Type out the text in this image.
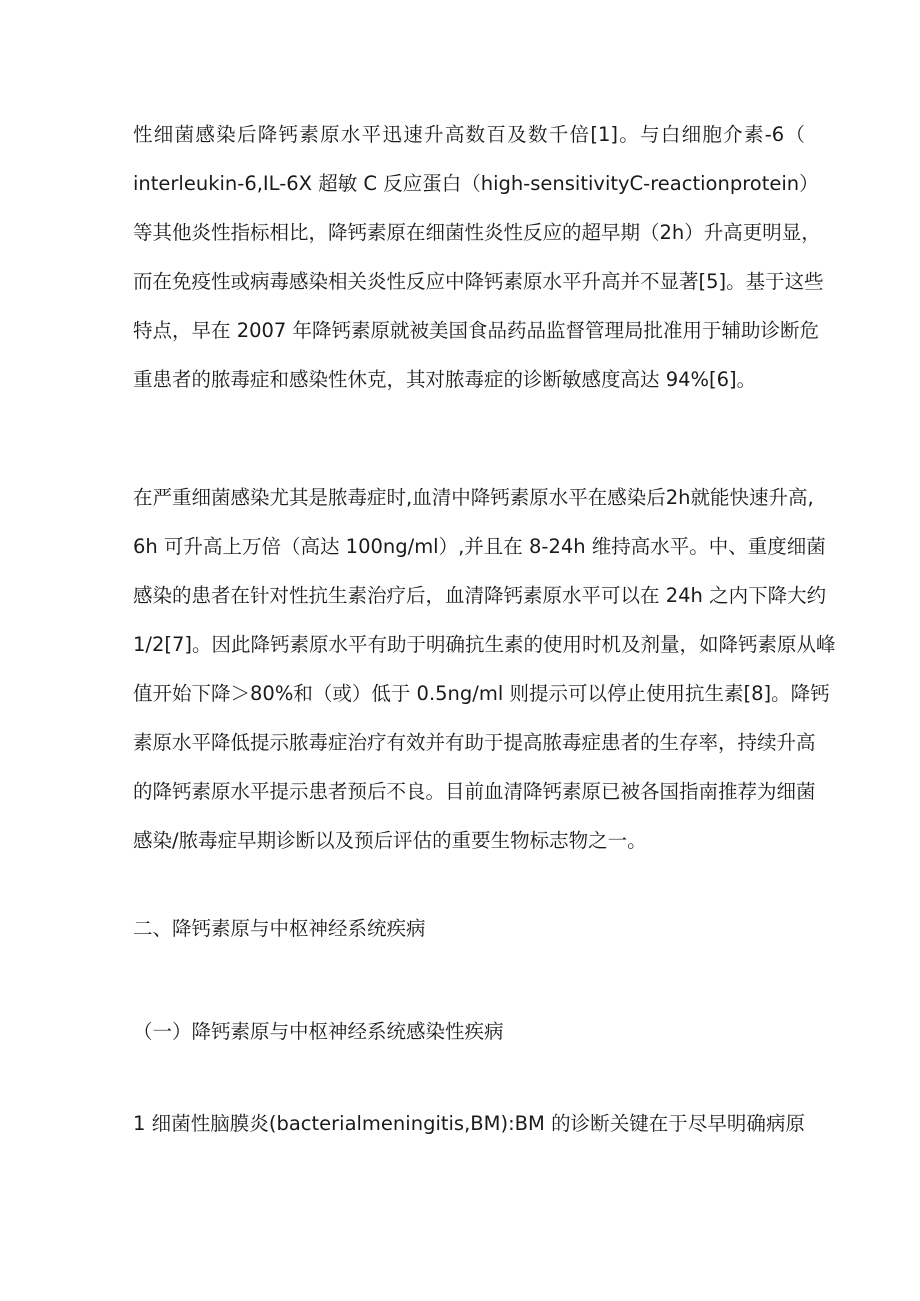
性细菌感染后降钙素原水平迅速升高数百及数千倍[1]。与白细胞介素-6（
interleukin-6,IL-6X 超敏 C 反应蛋白（high-sensitivityC-reactionprotein）
等其他炎性指标相比，降钙素原在细菌性炎性反应的超早期（2h）升高更明显，
而在免疫性或病毒感染相关炎性反应中降钙素原水平升高并不显著[5]。基于这些
特点，早在 2007 年降钙素原就被美国食品药品监督管理局批准用于辅助诊断危
重患者的脓毒症和感染性休克，其对脓毒症的诊断敏感度高达 94%[6]。
在严重细菌感染尤其是脓毒症时,血清中降钙素原水平在感染后2h就能快速升高,
6h 可升高上万倍（高达 100ng/ml）,并且在 8-24h 维持高水平。中、重度细菌
感染的患者在针对性抗生素治疗后，血清降钙素原水平可以在 24h 之内下降大约
1/2[7]。因此降钙素原水平有助于明确抗生素的使用时机及剂量，如降钙素原从峰
值开始下降＞80%和（或）低于 0.5ng/ml 则提示可以停止使用抗生素[8]。降钙
素原水平降低提示脓毒症治疗有效并有助于提高脓毒症患者的生存率，持续升高
的降钙素原水平提示患者预后不良。目前血清降钙素原已被各国指南推荐为细菌
感染/脓毒症早期诊断以及预后评估的重要生物标志物之一。
二、降钙素原与中枢神经系统疾病
（一）降钙素原与中枢神经系统感染性疾病
1 细菌性脑膜炎(bacterialmeningitis,BM):BM 的诊断关键在于尽早明确病原
